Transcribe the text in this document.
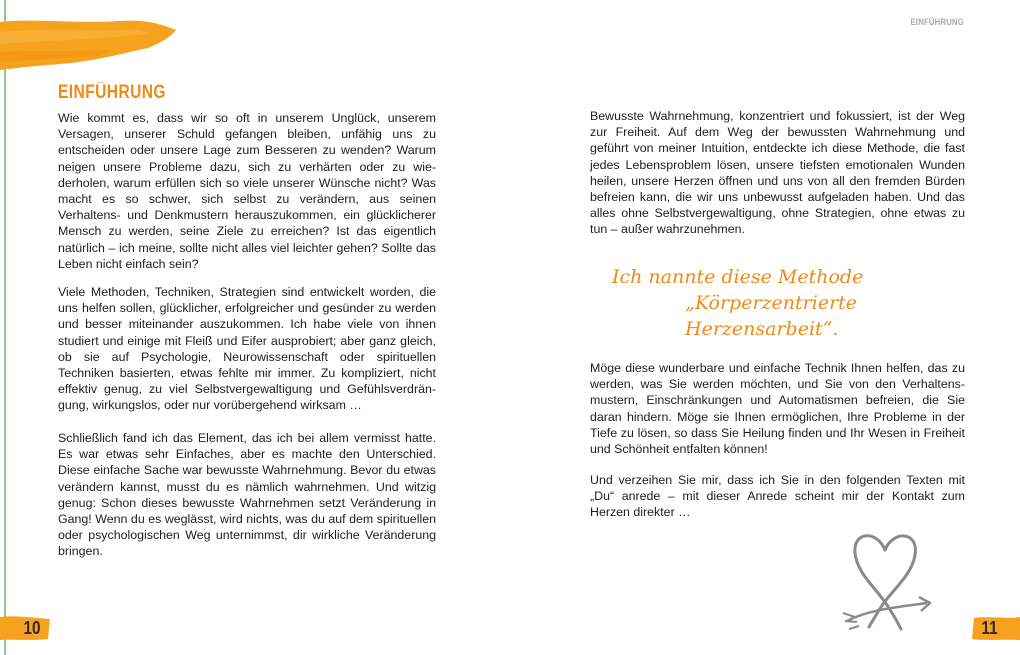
EINFÜHRUNG

Wie kommt es, dass wir so oft in unserem Unglück, unserem Versagen, unserer Schuld gefangen bleiben, unfähig uns zu entscheiden oder unsere Lage zum Besseren zu wenden? Warum neigen unsere Probleme dazu, sich zu verhärten oder zu wiederholen, warum erfüllen sich so viele unserer Wünsche nicht? Was macht es so schwer, sich selbst zu verändern, aus seinen Verhaltens- und Denkmustern herauszukommen, ein glücklicherer Mensch zu werden, seine Ziele zu erreichen? Ist das eigentlich natürlich – ich meine, sollte nicht alles viel leichter gehen? Sollte das Leben nicht einfach sein?

Viele Methoden, Techniken, Strategien sind entwickelt worden, die uns helfen sollen, glücklicher, erfolgreicher und gesünder zu werden und besser miteinander auszukommen. Ich habe viele von ihnen studiert und einige mit Fleiß und Eifer ausprobiert; aber ganz gleich, ob sie auf Psychologie, Neurowissenschaft oder spirituellen Techniken basierten, etwas fehlte mir immer. Zu kompliziert, nicht effektiv genug, zu viel Selbstvergewaltigung und Gefühlsverdrängung, wirkungslos, oder nur vorübergehend wirksam …

Schließlich fand ich das Element, das ich bei allem vermisst hatte. Es war etwas sehr Einfaches, aber es machte den Unterschied. Diese einfache Sache war bewusste Wahrnehmung. Bevor du etwas verändern kannst, musst du es nämlich wahrnehmen. Und witzig genug: Schon dieses bewusste Wahrnehmen setzt Veränderung in Gang! Wenn du es weglässt, wird nichts, was du auf dem spirituellen oder psychologischen Weg unternimmst, dir wirkliche Veränderung bringen.

10
EINFÜHRUNG

Bewusste Wahrnehmung, konzentriert und fokussiert, ist der Weg zur Freiheit. Auf dem Weg der bewussten Wahrnehmung und geführt von meiner Intuition, entdeckte ich diese Methode, die fast jedes Lebensproblem lösen, unsere tiefsten emotionalen Wunden heilen, unsere Herzen öffnen und uns von all den fremden Bürden befreien kann, die wir uns unbewusst aufgeladen haben. Und das alles ohne Selbstvergewaltigung, ohne Strategien, ohne etwas zu tun – außer wahrzunehmen.

Ich nannte diese Methode
„Körperzentrierte Herzensarbeit“.

Möge diese wunderbare und einfache Technik Ihnen helfen, das zu werden, was Sie werden möchten, und Sie von den Verhaltensmustern, Einschränkungen und Automatismen befreien, die Sie daran hindern. Möge sie Ihnen ermöglichen, Ihre Probleme in der Tiefe zu lösen, so dass Sie Heilung finden und Ihr Wesen in Freiheit und Schönheit entfalten können!

Und verzeihen Sie mir, dass ich Sie in den folgenden Texten mit „Du“ anrede – mit dieser Anrede scheint mir der Kontakt zum Herzen direkter …

11
